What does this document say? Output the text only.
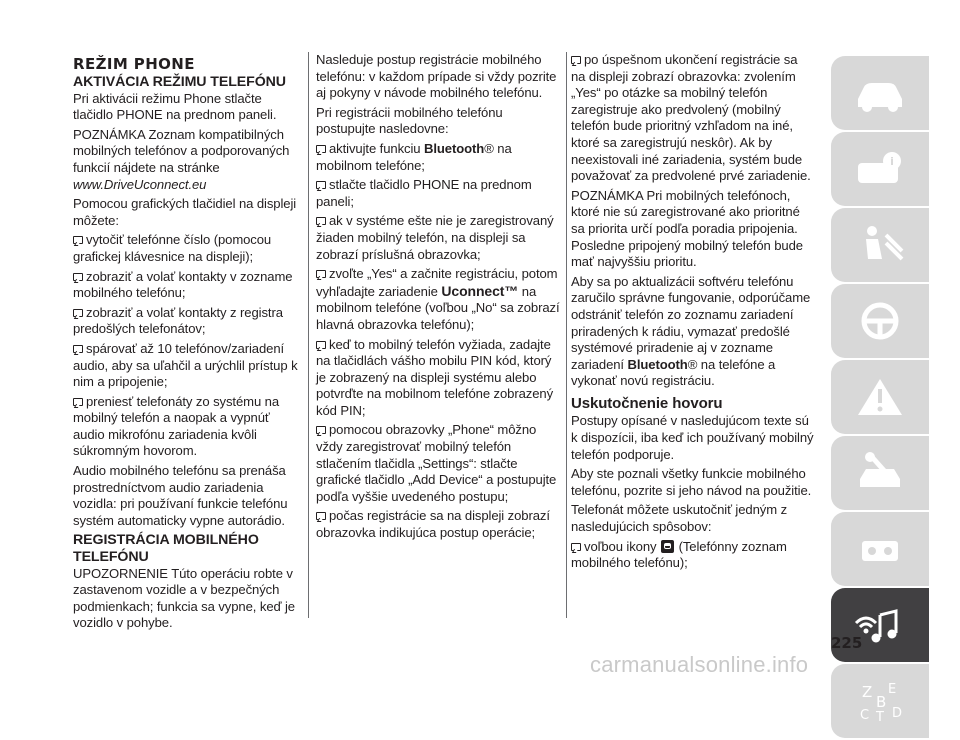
REŽIM PHONE
AKTIVÁCIA REŽIMU TELEFÓNU

Pri aktivácii režimu Phone stlačte tlačidlo PHONE na prednom paneli.

POZNÁMKA Zoznam kompatibilných mobilných telefónov a podporovaných funkcií nájdete na stránke
www.DriveUconnect.eu

Pomocou grafických tlačidiel na displeji môžete:

vytočiť telefónne číslo (pomocou grafickej klávesnice na displeji);

zobraziť a volať kontakty v zozname mobilného telefónu;

zobraziť a volať kontakty z registra predošlých telefonátov;

spárovať až 10 telefónov/zariadení audio, aby sa uľahčil a urýchlil prístup k nim a pripojenie;

preniesť telefonáty zo systému na mobilný telefón a naopak a vypnúť audio mikrofónu zariadenia kvôli súkromným hovorom.

Audio mobilného telefónu sa prenáša prostredníctvom audio zariadenia vozidla: pri používaní funkcie telefónu systém automaticky vypne autorádio.

REGISTRÁCIA MOBILNÉHO TELEFÓNU

UPOZORNENIE Túto operáciu robte v zastavenom vozidle a v bezpečných podmienkach; funkcia sa vypne, keď je vozidlo v pohybe.

Nasleduje postup registrácie mobilného telefónu: v každom prípade si vždy pozrite aj pokyny v návode mobilného telefónu.

Pri registrácii mobilného telefónu postupujte nasledovne:

aktivujte funkciu Bluetooth® na mobilnom telefóne;

stlačte tlačidlo PHONE na prednom paneli;

ak v systéme ešte nie je zaregistrovaný žiaden mobilný telefón, na displeji sa zobrazí príslušná obrazovka;

zvoľte „Yes“ a začnite registráciu, potom vyhľadajte zariadenie Uconnect™ na mobilnom telefóne (voľbou „No“ sa zobrazí hlavná obrazovka telefónu);

keď to mobilný telefón vyžiada, zadajte na tlačidlách vášho mobilu PIN kód, ktorý je zobrazený na displeji systému alebo potvrďte na mobilnom telefóne zobrazený kód PIN;

pomocou obrazovky „Phone“ môžno vždy zaregistrovať mobilný telefón stlačením tlačidla „Settings“: stlačte grafické tlačidlo „Add Device“ a postupujte podľa vyššie uvedeného postupu;

počas registrácie sa na displeji zobrazí obrazovka indikujúca postup operácie;

po úspešnom ukončení registrácie sa na displeji zobrazí obrazovka: zvolením „Yes“ po otázke sa mobilný telefón zaregistruje ako predvolený (mobilný telefón bude prioritný vzhľadom na iné, ktoré sa zaregistrujú neskôr). Ak by neexistovali iné zariadenia, systém bude považovať za predvolené prvé zariadenie.

POZNÁMKA Pri mobilných telefónoch, ktoré nie sú zaregistrované ako prioritné sa priorita určí podľa poradia pripojenia. Posledne pripojený mobilný telefón bude mať najvyššiu prioritu.

Aby sa po aktualizácii softvéru telefónu zaručilo správne fungovanie, odporúčame odstrániť telefón zo zoznamu zariadení priradených k rádiu, vymazať predošlé systémové priradenie aj v zozname zariadení Bluetooth® na telefóne a vykonať novú registráciu.

Uskutočnenie hovoru

Postupy opísané v nasledujúcom texte sú k dispozícii, iba keď ich používaný mobilný telefón podporuje.

Aby ste poznali všetky funkcie mobilného telefónu, pozrite si jeho návod na použitie.

Telefonát môžete uskutočniť jedným z nasledujúcich spôsobov:

voľbou ikony  (Telefónny zoznam mobilného telefónu);

i
Z E
B
C T D
225
carmanualsonline.info
